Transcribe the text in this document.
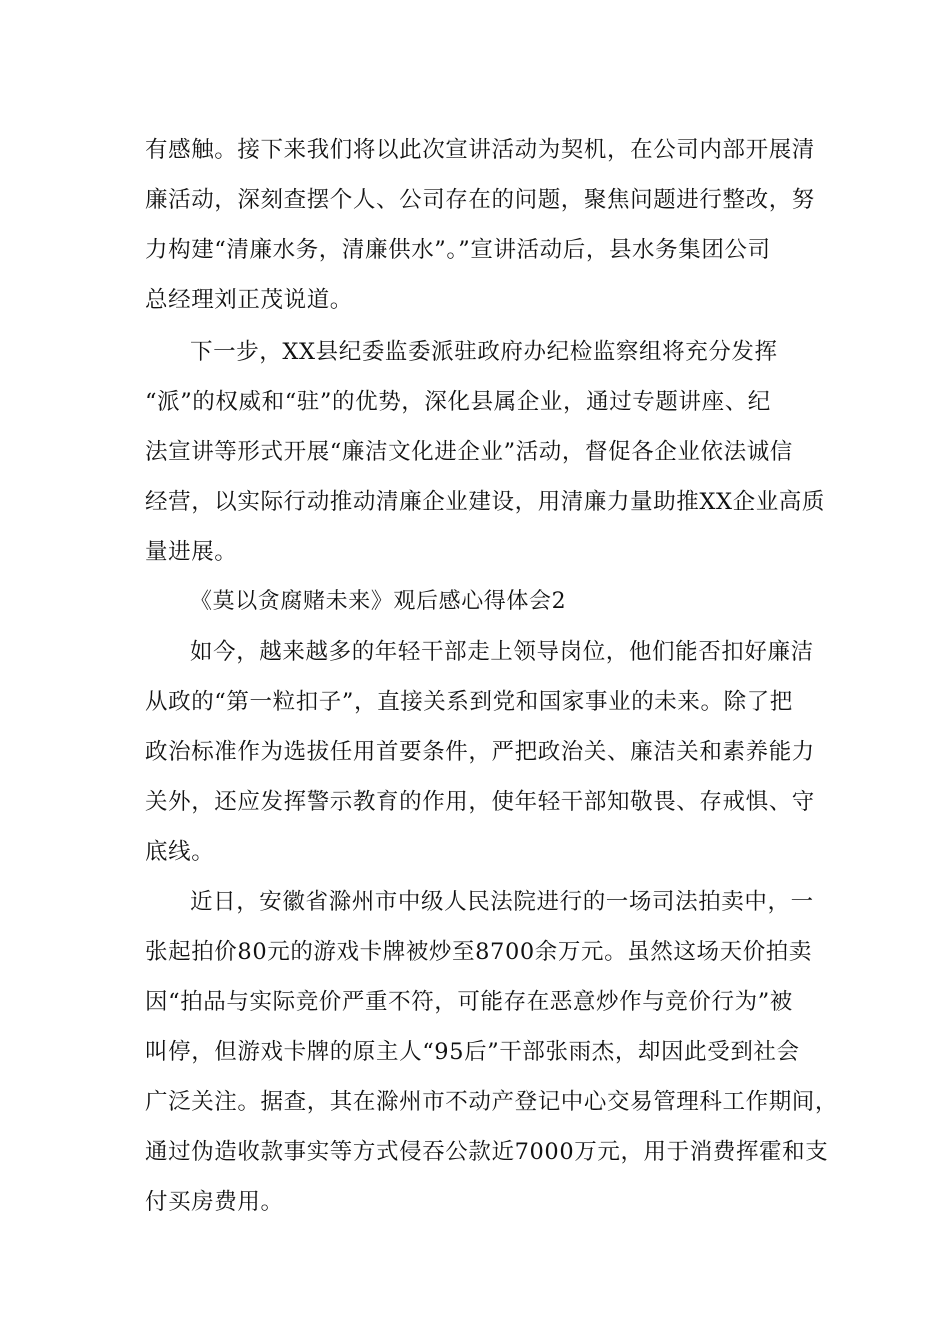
有感触。接下来我们将以此次宣讲活动为契机，在公司内部开展清
廉活动，深刻查摆个人、公司存在的问题，聚焦问题进行整改，努
力构建“清廉水务，清廉供水”。”宣讲活动后，县水务集团公司
总经理刘正茂说道。
下一步，XX县纪委监委派驻政府办纪检监察组将充分发挥
“派”的权威和“驻”的优势，深化县属企业，通过专题讲座、纪
法宣讲等形式开展“廉洁文化进企业”活动，督促各企业依法诚信
经营，以实际行动推动清廉企业建设，用清廉力量助推XX企业高质
量进展。
《莫以贪腐赌未来》观后感心得体会2
如今，越来越多的年轻干部走上领导岗位，他们能否扣好廉洁
从政的“第一粒扣子”，直接关系到党和国家事业的未来。除了把
政治标准作为选拔任用首要条件，严把政治关、廉洁关和素养能力
关外，还应发挥警示教育的作用，使年轻干部知敬畏、存戒惧、守
底线。
近日，安徽省滁州市中级人民法院进行的一场司法拍卖中，一
张起拍价80元的游戏卡牌被炒至8700余万元。虽然这场天价拍卖
因“拍品与实际竞价严重不符，可能存在恶意炒作与竞价行为”被
叫停，但游戏卡牌的原主人“95后”干部张雨杰，却因此受到社会
广泛关注。据查，其在滁州市不动产登记中心交易管理科工作期间，
通过伪造收款事实等方式侵吞公款近7000万元，用于消费挥霍和支
付买房费用。
